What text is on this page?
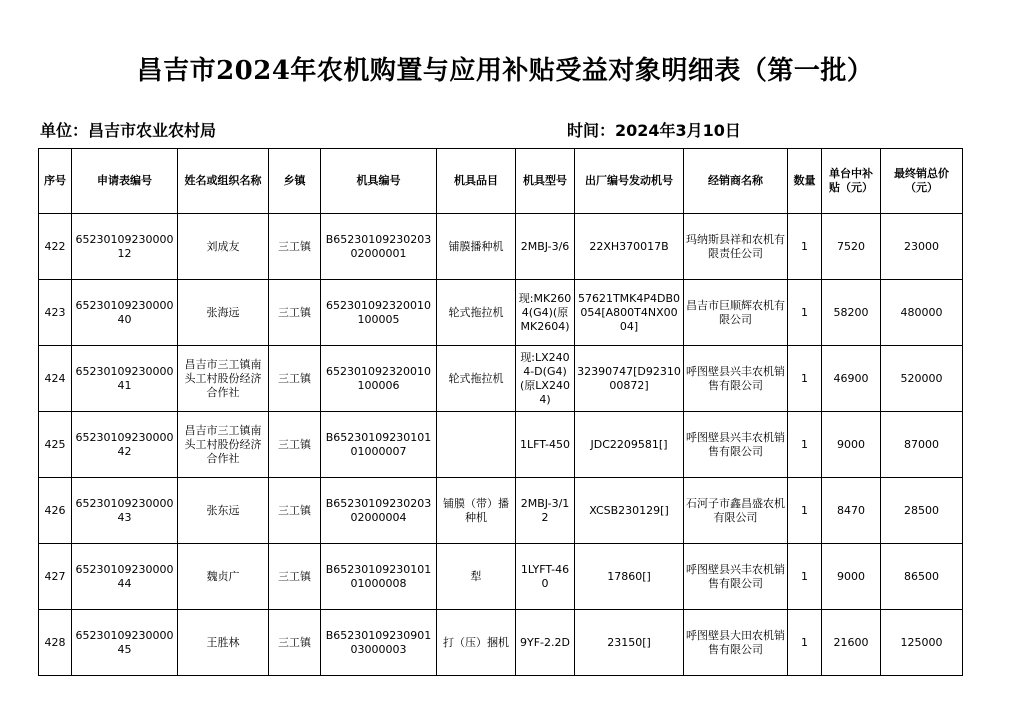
昌吉市2024年农机购置与应用补贴受益对象明细表（第一批）
单位：昌吉市农业农村局	时间：2024年3月10日
序号	申请表编号	姓名或组织名称	乡镇	机具编号	机具品目	机具型号	出厂编号发动机号	经销商名称	数量	单台中补贴（元）	最终销总价（元）

422	6523010923000012	刘成友	三工镇	B6523010923020302000001	铺膜播种机	2MBJ-3/6	22XH370017B	玛纳斯县祥和农机有限责任公司	1	7520	23000

423	6523010923000040	张海远	三工镇	652301092320010100005	轮式拖拉机	现:MK2604(G4)(原MK2604)	57621TMK4P4DB0054[A800T4NX0004]	昌吉市巨顺辉农机有限公司	1	58200	480000

424	6523010923000041	昌吉市三工镇南头工村股份经济合作社	三工镇	652301092320010100006	轮式拖拉机	现:LX2404-D(G4)(原LX2404)	32390747[D9231000872]	呼图壁县兴丰农机销售有限公司	1	46900	520000

425	6523010923000042	昌吉市三工镇南头工村股份经济合作社	三工镇	B6523010923010101000007		1LFT-450	JDC2209581[]	呼图壁县兴丰农机销售有限公司	1	9000	87000

426	6523010923000043	张东远	三工镇	B6523010923020302000004	铺膜（带）播种机	2MBJ-3/12	XCSB230129[]	石河子市鑫昌盛农机有限公司	1	8470	28500

427	6523010923000044	魏贞广	三工镇	B6523010923010101000008	犁	1LYFT-460	17860[]	呼图壁县兴丰农机销售有限公司	1	9000	86500

428	6523010923000045	王胜林	三工镇	B6523010923090103000003	打（压）捆机	9YF-2.2D	23150[]	呼图壁县大田农机销售有限公司	1	21600	125000
